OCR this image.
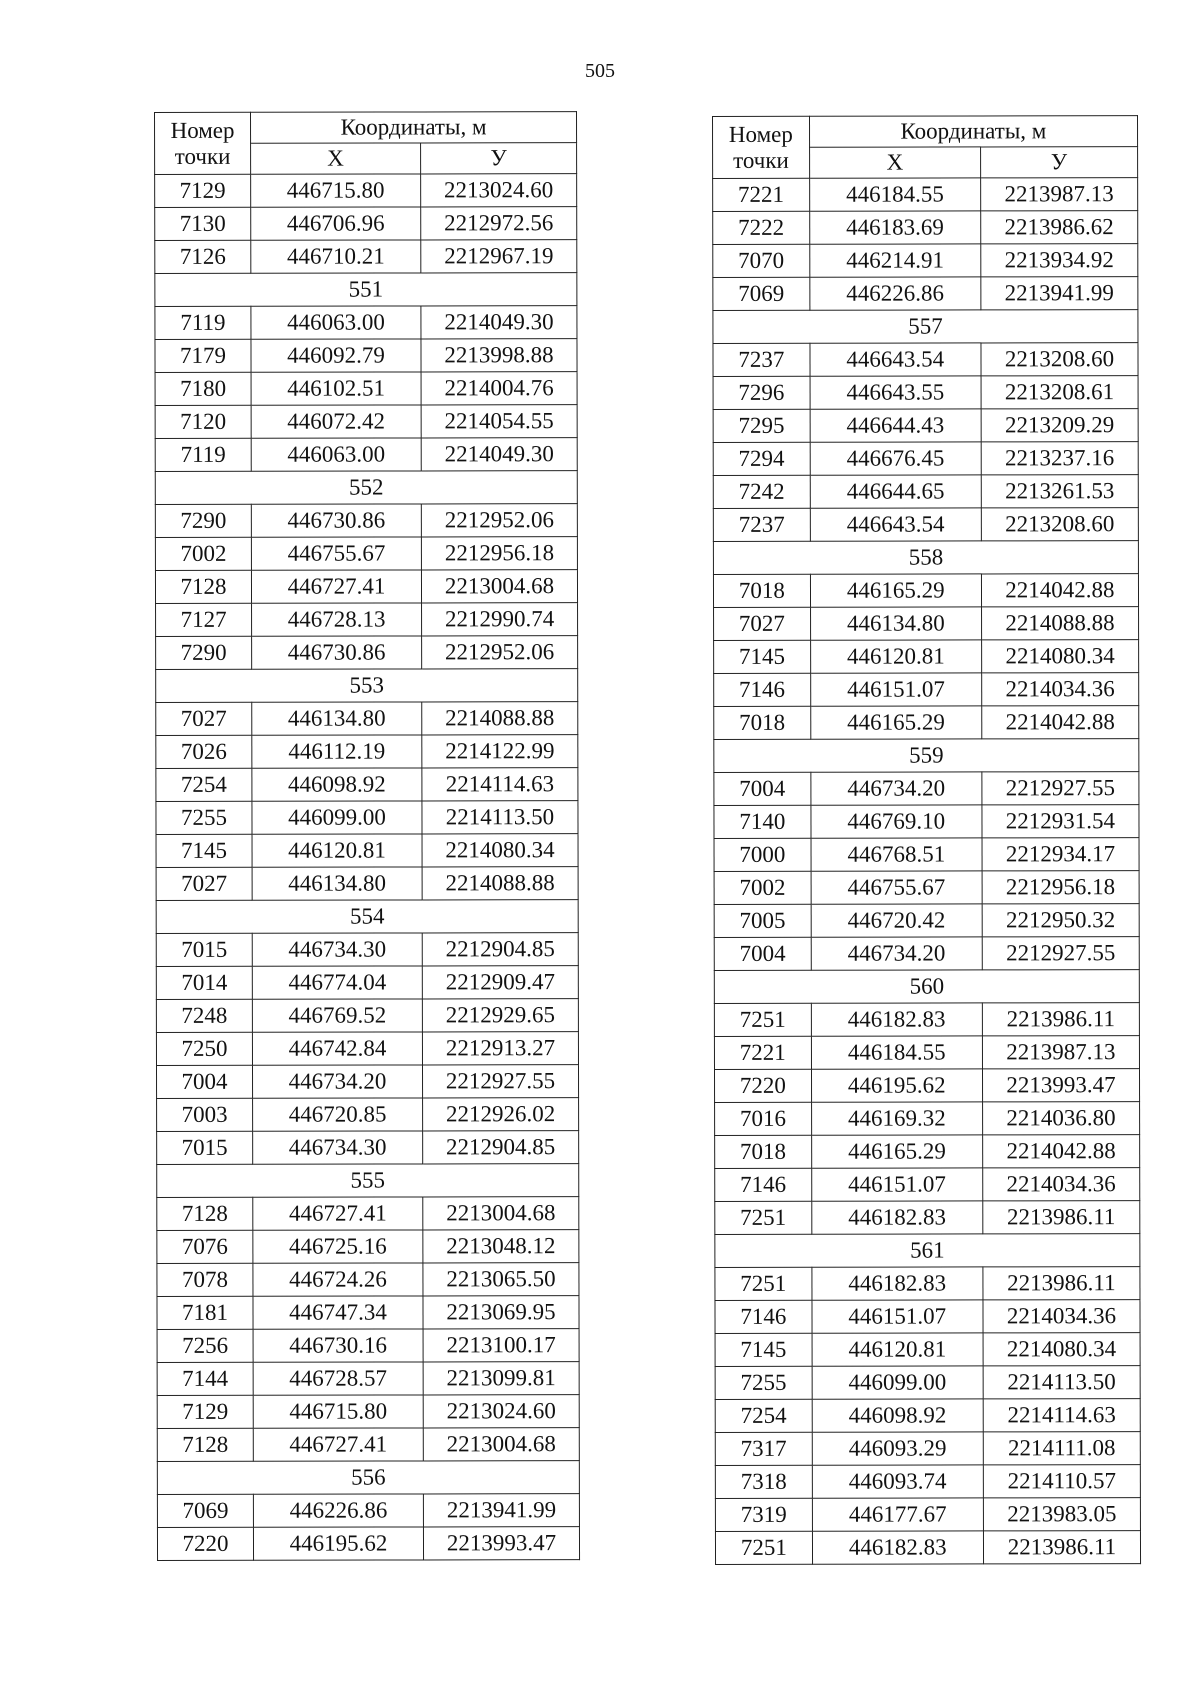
505
Номер
точки	Координаты, м	
	X	У
7129	446715.80	2213024.60
7130	446706.96	2212972.56
7126	446710.21	2212967.19
551		
7119	446063.00	2214049.30
7179	446092.79	2213998.88
7180	446102.51	2214004.76
7120	446072.42	2214054.55
7119	446063.00	2214049.30
552		
7290	446730.86	2212952.06
7002	446755.67	2212956.18
7128	446727.41	2213004.68
7127	446728.13	2212990.74
7290	446730.86	2212952.06
553		
7027	446134.80	2214088.88
7026	446112.19	2214122.99
7254	446098.92	2214114.63
7255	446099.00	2214113.50
7145	446120.81	2214080.34
7027	446134.80	2214088.88
554		
7015	446734.30	2212904.85
7014	446774.04	2212909.47
7248	446769.52	2212929.65
7250	446742.84	2212913.27
7004	446734.20	2212927.55
7003	446720.85	2212926.02
7015	446734.30	2212904.85
555		
7128	446727.41	2213004.68
7076	446725.16	2213048.12
7078	446724.26	2213065.50
7181	446747.34	2213069.95
7256	446730.16	2213100.17
7144	446728.57	2213099.81
7129	446715.80	2213024.60
7128	446727.41	2213004.68
556		
7069	446226.86	2213941.99
7220	446195.62	2213993.47
Номер
точки	Координаты, м	
	X	У
7221	446184.55	2213987.13
7222	446183.69	2213986.62
7070	446214.91	2213934.92
7069	446226.86	2213941.99
557		
7237	446643.54	2213208.60
7296	446643.55	2213208.61
7295	446644.43	2213209.29
7294	446676.45	2213237.16
7242	446644.65	2213261.53
7237	446643.54	2213208.60
558		
7018	446165.29	2214042.88
7027	446134.80	2214088.88
7145	446120.81	2214080.34
7146	446151.07	2214034.36
7018	446165.29	2214042.88
559		
7004	446734.20	2212927.55
7140	446769.10	2212931.54
7000	446768.51	2212934.17
7002	446755.67	2212956.18
7005	446720.42	2212950.32
7004	446734.20	2212927.55
560		
7251	446182.83	2213986.11
7221	446184.55	2213987.13
7220	446195.62	2213993.47
7016	446169.32	2214036.80
7018	446165.29	2214042.88
7146	446151.07	2214034.36
7251	446182.83	2213986.11
561		
7251	446182.83	2213986.11
7146	446151.07	2214034.36
7145	446120.81	2214080.34
7255	446099.00	2214113.50
7254	446098.92	2214114.63
7317	446093.29	2214111.08
7318	446093.74	2214110.57
7319	446177.67	2213983.05
7251	446182.83	2213986.11
